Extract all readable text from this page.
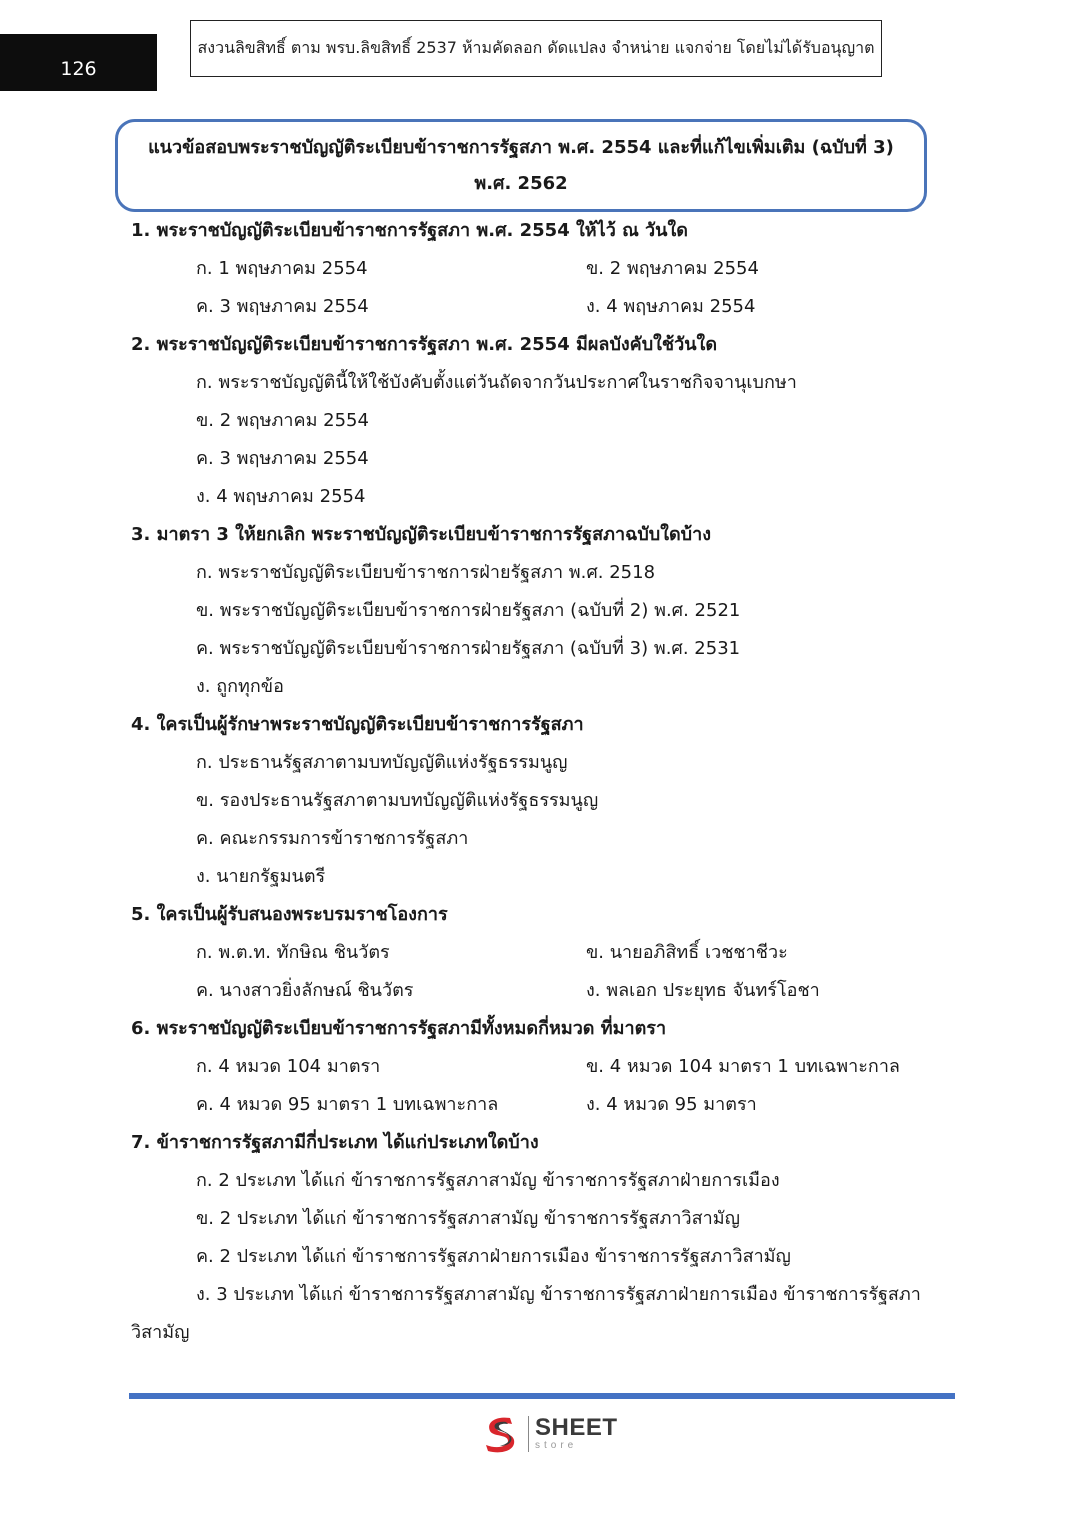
126
สงวนลิขสิทธิ์ ตาม พรบ.ลิขสิทธิ์ 2537 ห้ามคัดลอก ดัดแปลง จำหน่าย แจกจ่าย โดยไม่ได้รับอนุญาต
แนวข้อสอบพระราชบัญญัติระเบียบข้าราชการรัฐสภา พ.ศ. 2554 และที่แก้ไขเพิ่มเติม (ฉบับที่ 3)
พ.ศ. 2562
1. พระราชบัญญัติระเบียบข้าราชการรัฐสภา พ.ศ. 2554 ให้ไว้ ณ วันใด
ก. 1 พฤษภาคม 2554	ข. 2 พฤษภาคม 2554
ค. 3 พฤษภาคม 2554	ง. 4 พฤษภาคม 2554
2. พระราชบัญญัติระเบียบข้าราชการรัฐสภา พ.ศ. 2554 มีผลบังคับใช้วันใด
ก. พระราชบัญญัตินี้ให้ใช้บังคับตั้งแต่วันถัดจากวันประกาศในราชกิจจานุเบกษา
ข. 2 พฤษภาคม 2554
ค. 3 พฤษภาคม 2554
ง. 4 พฤษภาคม 2554
3. มาตรา 3 ให้ยกเลิก พระราชบัญญัติระเบียบข้าราชการรัฐสภาฉบับใดบ้าง
ก. พระราชบัญญัติระเบียบข้าราชการฝ่ายรัฐสภา พ.ศ. 2518
ข. พระราชบัญญัติระเบียบข้าราชการฝ่ายรัฐสภา (ฉบับที่ 2) พ.ศ. 2521
ค. พระราชบัญญัติระเบียบข้าราชการฝ่ายรัฐสภา (ฉบับที่ 3) พ.ศ. 2531
ง. ถูกทุกข้อ
4. ใครเป็นผู้รักษาพระราชบัญญัติระเบียบข้าราชการรัฐสภา
ก. ประธานรัฐสภาตามบทบัญญัติแห่งรัฐธรรมนูญ
ข. รองประธานรัฐสภาตามบทบัญญัติแห่งรัฐธรรมนูญ
ค. คณะกรรมการข้าราชการรัฐสภา
ง. นายกรัฐมนตรี
5. ใครเป็นผู้รับสนองพระบรมราชโองการ
ก. พ.ต.ท. ทักษิณ ชินวัตร	ข. นายอภิสิทธิ์ เวชชาชีวะ
ค. นางสาวยิ่งลักษณ์ ชินวัตร	ง. พลเอก ประยุทธ จันทร์โอชา
6. พระราชบัญญัติระเบียบข้าราชการรัฐสภามีทั้งหมดกี่หมวด ที่มาตรา
ก. 4 หมวด 104 มาตรา	ข. 4 หมวด 104 มาตรา 1 บทเฉพาะกาล
ค. 4 หมวด 95 มาตรา 1 บทเฉพาะกาล	ง. 4 หมวด 95 มาตรา
7. ข้าราชการรัฐสภามีกี่ประเภท ได้แก่ประเภทใดบ้าง
ก. 2 ประเภท ได้แก่ ข้าราชการรัฐสภาสามัญ ข้าราชการรัฐสภาฝ่ายการเมือง
ข. 2 ประเภท ได้แก่ ข้าราชการรัฐสภาสามัญ ข้าราชการรัฐสภาวิสามัญ
ค. 2 ประเภท ได้แก่ ข้าราชการรัฐสภาฝ่ายการเมือง ข้าราชการรัฐสภาวิสามัญ
ง. 3 ประเภท ได้แก่ ข้าราชการรัฐสภาสามัญ ข้าราชการรัฐสภาฝ่ายการเมือง ข้าราชการรัฐสภา
วิสามัญ
SHEET
store
